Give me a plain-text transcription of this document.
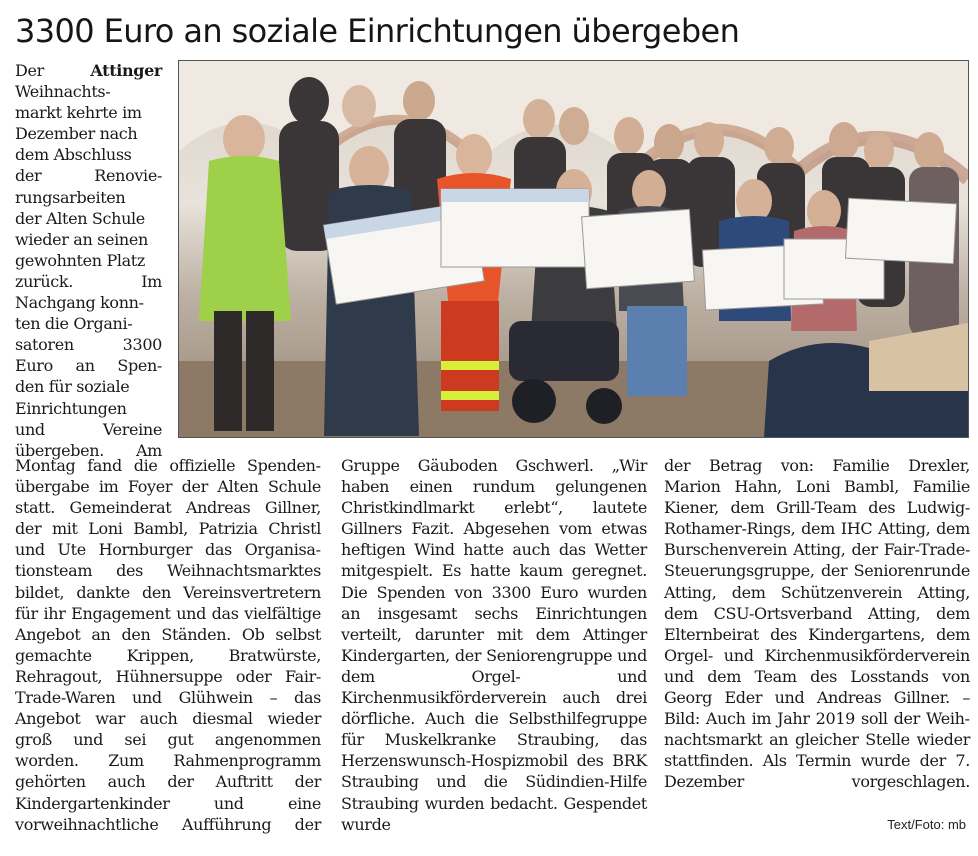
3300 Euro an soziale Einrichtungen übergeben
Der	Attinger
Weihnachts-
markt kehrte im
Dezember nach
dem Abschluss
der Renovie-
rungsarbeiten
der Alten Schule
wieder an seinen
gewohnten Platz
zurück. Im
Nachgang konn-
ten die Organi-
satoren 3300
Euro an Spen-
den für soziale
Einrichtungen
und Vereine
übergeben. Am

Montag fand die offizielle Spendenübergabe im Foyer der Alten Schule statt. Gemeinderat Andreas Gillner, der mit Loni Bambl, Patrizia Christl und Ute Hornburger das Organisationsteam des Weihnachtsmarktes bildet, dankte den Vereinsvertretern für ihr Engagement und das vielfältige Angebot an den Ständen. Ob selbst gemachte Krippen, Bratwürste, Rehragout, Hühnersuppe oder Fair-Trade-Waren und Glühwein – das Angebot war auch diesmal wieder groß und sei gut angenommen worden. Zum Rahmenprogramm gehörten auch der Auftritt der Kindergartenkinder und eine vorweihnachtliche Aufführung der

Gruppe Gäuboden Gschwerl. „Wir haben einen rundum gelungenen Christkindlmarkt erlebt“, lautete Gillners Fazit. Abgesehen vom etwas heftigen Wind hatte auch das Wetter mitgespielt. Es hatte kaum geregnet. Die Spenden von 3300 Euro wurden an insgesamt sechs Einrichtungen verteilt, darunter mit dem Attinger Kindergarten, der Seniorengruppe und dem Orgel- und Kirchenmusikförderverein auch drei dörfliche. Auch die Selbsthilfegruppe für Muskelkranke Straubing, das Herzenswunsch-Hospizmobil des BRK Straubing und die Südindien-Hilfe Straubing wurden bedacht. Gespendet wurde

der Betrag von: Familie Drexler, Marion Hahn, Loni Bambl, Familie Kiener, dem Grill-Team des Ludwig-Rothamer-Rings, dem IHC Atting, dem Burschenverein Atting, der Fair-Trade-Steuerungsgruppe, der Seniorenrunde Atting, dem Schützenverein Atting, dem CSU-Ortsverband Atting, dem Elternbeirat des Kindergartens, dem Orgel- und Kirchenmusikförderverein und dem Team des Losstands von Georg Eder und Andreas Gillner. – Bild: Auch im Jahr 2019 soll der Weihnachtsmarkt an gleicher Stelle wieder stattfinden. Als Termin wurde der 7. Dezember vorgeschlagen.

Text/Foto: mb
